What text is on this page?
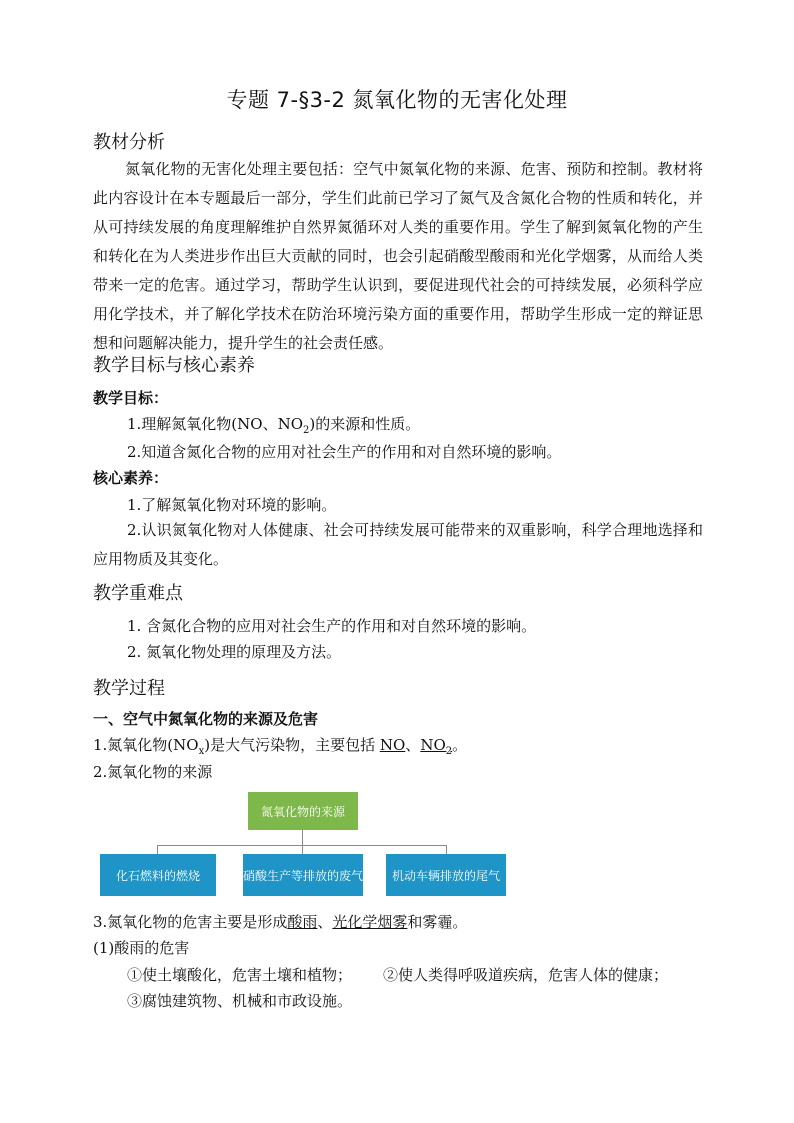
专题 7-§3-2 氮氧化物的无害化处理
教材分析
氮氧化物的无害化处理主要包括：空气中氮氧化物的来源、危害、预防和控制。教材将此内容设计在本专题最后一部分，学生们此前已学习了氮气及含氮化合物的性质和转化，并从可持续发展的角度理解维护自然界氮循环对人类的重要作用。学生了解到氮氧化物的产生和转化在为人类进步作出巨大贡献的同时，也会引起硝酸型酸雨和光化学烟雾，从而给人类带来一定的危害。通过学习，帮助学生认识到，要促进现代社会的可持续发展，必须科学应用化学技术，并了解化学技术在防治环境污染方面的重要作用，帮助学生形成一定的辩证思想和问题解决能力，提升学生的社会责任感。
教学目标与核心素养
教学目标：
1.理解氮氧化物(NO、$NO_2$)的来源和性质。
2.知道含氮化合物的应用对社会生产的作用和对自然环境的影响。
核心素养：
1.了解氮氧化物对环境的影响。
2.认识氮氧化物对人体健康、社会可持续发展可能带来的双重影响，科学合理地选择和应用物质及其变化。
教学重难点
1. 含氮化合物的应用对社会生产的作用和对自然环境的影响。
2. 氮氧化物处理的原理及方法。
教学过程
一、空气中氮氧化物的来源及危害
1.氮氧化物$(NO_x)$是大气污染物，主要包括 NO、$NO_2$。
2.氮氧化物的来源
氮氧化物的来源
化石燃料的燃烧	硝酸生产等排放的废气	机动车辆排放的尾气
3.氮氧化物的危害主要是形成酸雨、光化学烟雾和雾霾。
(1)酸雨的危害
①使土壤酸化，危害土壤和植物； ②使人类得呼吸道疾病，危害人体的健康；
③腐蚀建筑物、机械和市政设施。
